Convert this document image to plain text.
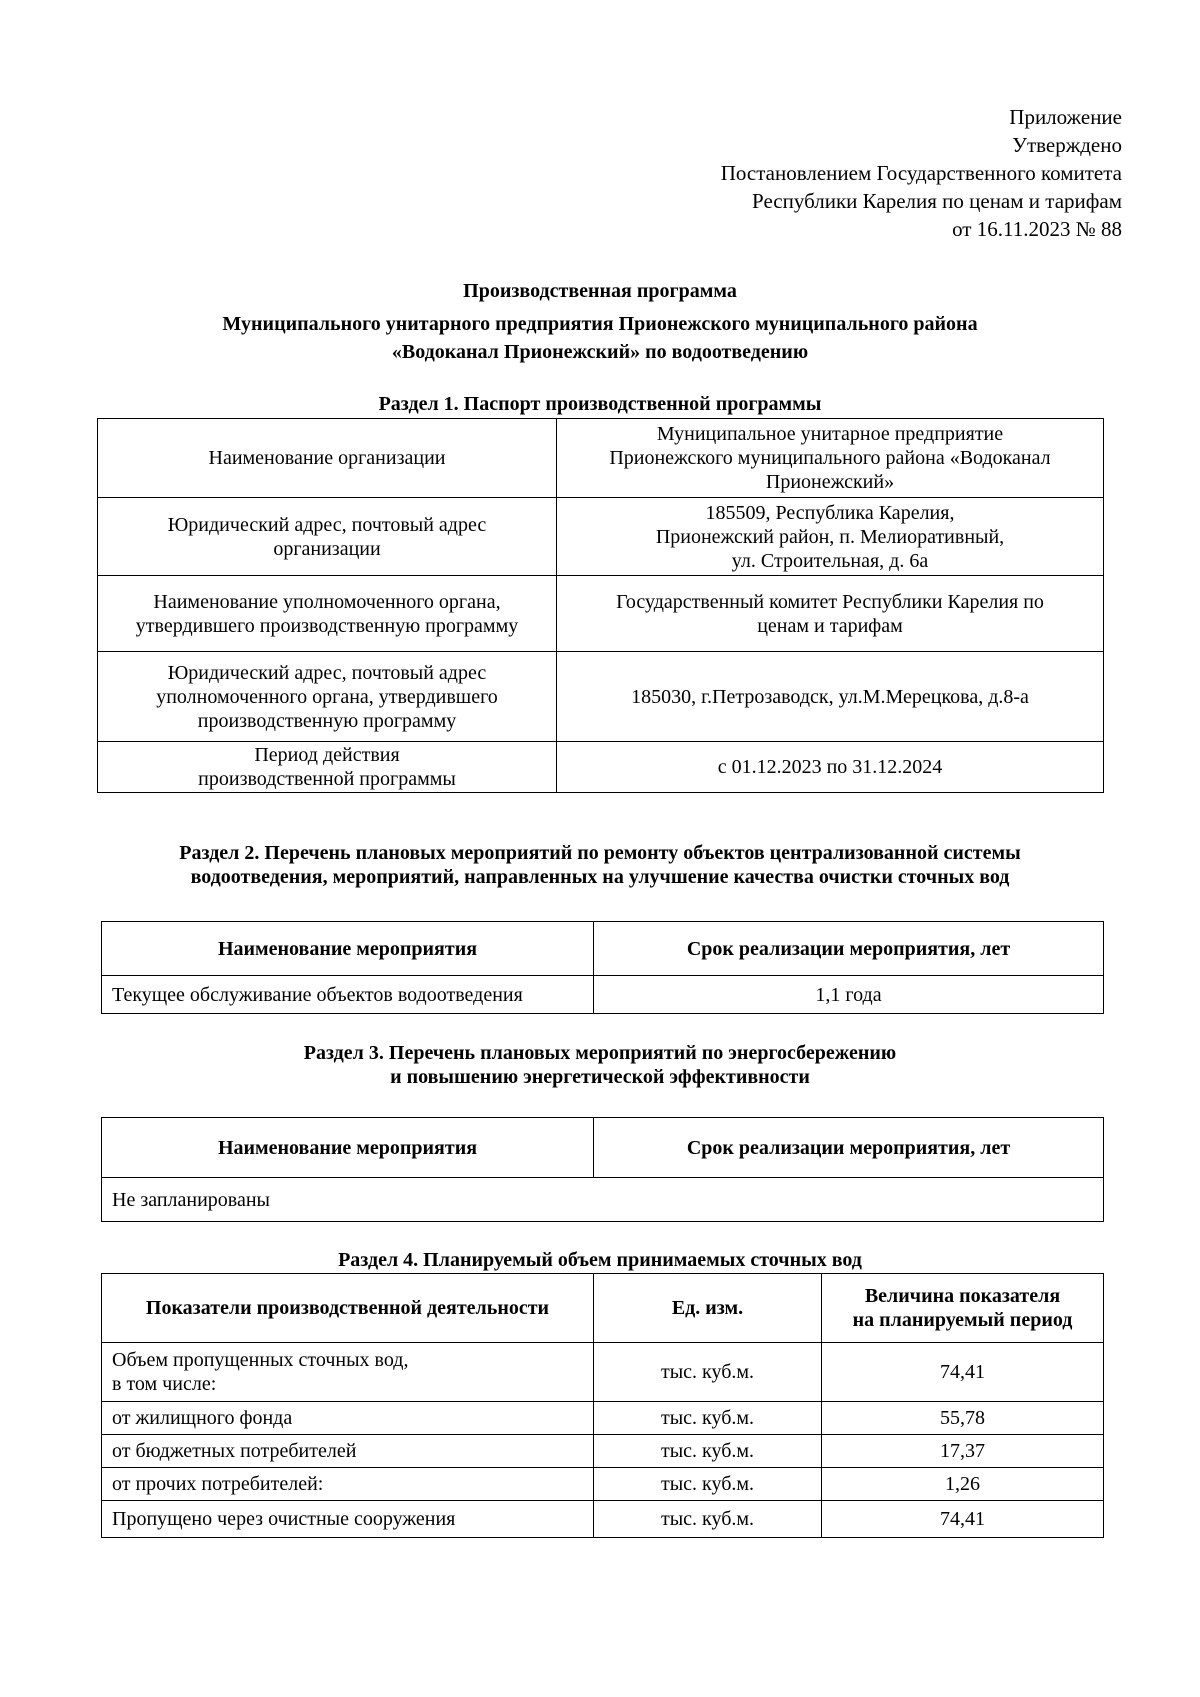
Приложение
Утверждено
Постановлением Государственного комитета
Республики Карелия по ценам и тарифам
от 16.11.2023 № 88
Производственная программа
Муниципального унитарного предприятия Прионежского муниципального района
«Водоканал Прионежский» по водоотведению
Раздел 1. Паспорт производственной программы
Наименование организации	Муниципальное унитарное предприятие
Прионежского муниципального района «Водоканал
Прионежский»

Юридический адрес, почтовый адрес
организации	185509, Республика Карелия,
Прионежский район, п. Мелиоративный,
ул. Строительная, д. 6а

Наименование уполномоченного органа,
утвердившего производственную программу	Государственный комитет Республики Карелия по
ценам и тарифам

Юридический адрес, почтовый адрес
уполномоченного органа, утвердившего
производственную программу	185030, г.Петрозаводск, ул.М.Мерецкова, д.8-а

Период действия
производственной программы	с 01.12.2023 по 31.12.2024
Раздел 2. Перечень плановых мероприятий по ремонту объектов централизованной системы
водоотведения, мероприятий, направленных на улучшение качества очистки сточных вод
Наименование мероприятия	Срок реализации мероприятия, лет
Текущее обслуживание объектов водоотведения	1,1 года
Раздел 3. Перечень плановых мероприятий по энергосбережению
и повышению энергетической эффективности
Наименование мероприятия	Срок реализации мероприятия, лет
Не запланированы
Раздел 4. Планируемый объем принимаемых сточных вод
Показатели производственной деятельности	Ед. изм.	Величина показателя
на планируемый период

Объем пропущенных сточных вод,
в том числе:	тыс. куб.м.	74,41

от жилищного фонда	тыс. куб.м.	55,78

от бюджетных потребителей	тыс. куб.м.	17,37

от прочих потребителей:	тыс. куб.м.	1,26

Пропущено через очистные сооружения	тыс. куб.м.	74,41
